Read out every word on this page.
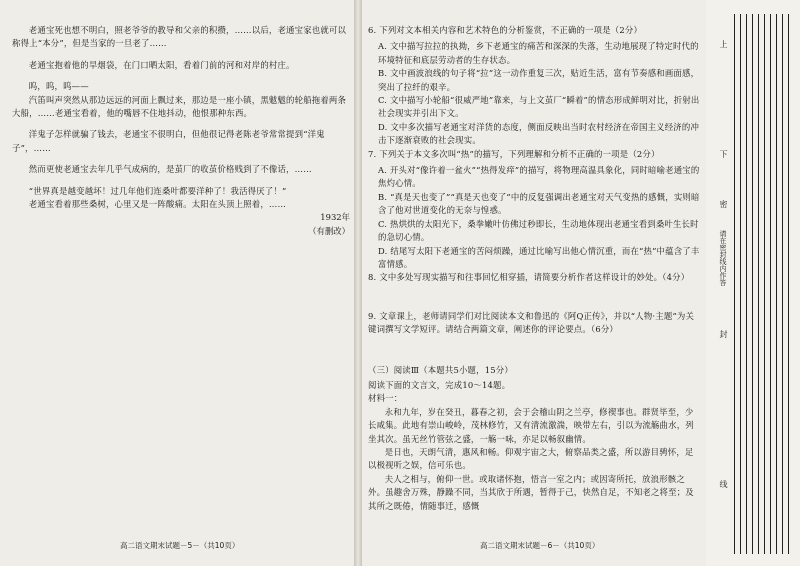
老通宝死也想不明白，照老爷爷的教导和父亲的积攒，……以后，老通宝家也就可以称得上“本分”，但是当家的一旦老了……

老通宝抱着他的旱烟袋，在门口晒太阳，看着门前的河和对岸的村庄。

呜，呜，呜——

汽笛叫声突然从那边远远的河面上飘过来，那边是一座小镇，黑魃魃的轮船拖着两条大船，……老通宝看着，他的嘴唇不住地抖动，他恨那种东西。

洋鬼子怎样就骗了钱去，老通宝不很明白，但他很记得老陈老爷常常提到“洋鬼子”，……

然而更使老通宝去年几乎气成病的，是茧厂的收茧价格贱到了不像话，……

“世界真是越变越坏！过几年他们连桑叶都要洋种了！我活得厌了！”

老通宝看着那些桑树，心里又是一阵酸痛。太阳在头顶上照着，……

1932年

（有删改）

高二语文期末试题－5－（共10页）

6. 下列对文本相关内容和艺术特色的分析鉴赏，不正确的一项是（2分）

A. 文中描写拉拉的执拗，乡下老通宝的痛苦和深深的失落，生动地展现了特定时代的环境特征和底层劳动者的生存状态。

B. 文中画波浪线的句子将“拉”这一动作重复三次，贴近生活，富有节奏感和画面感，突出了拉纤的艰辛。

C. 文中描写小轮船“很威严地”靠来，与上文茧厂“瞬着”的情态形成鲜明对比，折射出社会现实并引出下文。

D. 文中多次描写老通宝对洋货的态度，侧面反映出当时农村经济在帝国主义经济的冲击下逐渐衰败的社会现实。

7. 下列关于本文多次叫“热”的描写，下列理解和分析不正确的一项是（2分）

A. 开头对“像许着一盆火”“热得发痒”的描写，将物理高温具象化，同时暗喻老通宝的焦灼心情。

B. “真是天也变了”“真是天也变了”中的反复强调出老通宝对天气变热的感慨，实则暗含了他对世道变化的无奈与惶惑。

C. 热烘烘的太阳光下，桑拳嫩叶仿佛过秒即长，生动地体现出老通宝看到桑叶生长时的急切心情。

D. 结尾写太阳下老通宝的苦闷烦躁，通过比喻写出他心情沉重，而在“热”中蕴含了丰富情感。

8. 文中多处写现实描写和往事回忆相穿插，请简要分析作者这样设计的妙处。（4分）

9. 文章课上，老师请同学们对比阅读本文和鲁迅的《阿Q正传》，并以“人物·主题”为关键词撰写文学短评。请结合两篇文章，阐述你的评论要点。（6分）

（三）阅读Ⅲ（本题共5小题，15分）

阅读下面的文言文，完成10～14题。

材料一：

永和九年，岁在癸丑，暮春之初，会于会稽山阴之兰亭，修禊事也。群贤毕至，少长咸集。此地有崇山峻岭，茂林修竹，又有清流激湍，映带左右，引以为流觞曲水，列坐其次。虽无丝竹管弦之盛，一觞一咏，亦足以畅叙幽情。

是日也，天朗气清，惠风和畅。仰观宇宙之大，俯察品类之盛，所以游目骋怀，足以极视听之娱，信可乐也。

夫人之相与，俯仰一世。或取诸怀抱，悟言一室之内；或因寄所托，放浪形骸之外。虽趣舍万殊，静躁不同，当其欣于所遇，暂得于己，快然自足，不知老之将至；及其所之既倦，情随事迁，感慨

高二语文期末试题－6－（共10页）
上
下
密
封
线
请在密封线内作答
